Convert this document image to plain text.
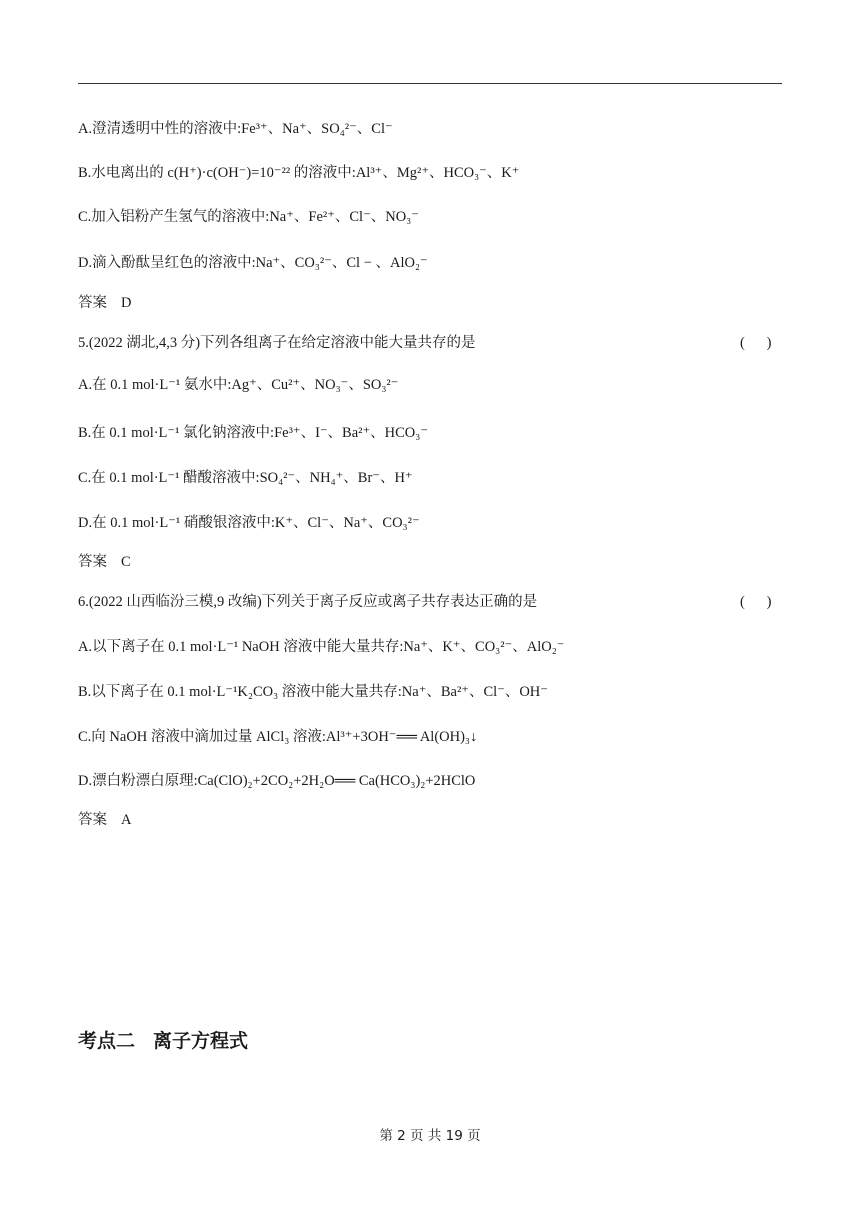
A.澄清透明中性的溶液中:Fe³⁺、Na⁺、SO₄²⁻、Cl⁻
B.水电离出的 c(H⁺)·c(OH⁻)=10⁻²² 的溶液中:Al³⁺、Mg²⁺、HCO₃⁻、K⁺
C.加入铝粉产生氢气的溶液中:Na⁺、Fe²⁺、Cl⁻、NO₃⁻
D.滴入酚酞呈红色的溶液中:Na⁺、CO₃²⁻、Cl − 、AlO₂⁻
答案 D
5.(2022 湖北,4,3 分)下列各组离子在给定溶液中能大量共存的是	(      )
A.在 0.1 mol·L⁻¹ 氨水中:Ag⁺、Cu²⁺、NO₃⁻、SO₃²⁻
B.在 0.1 mol·L⁻¹ 氯化钠溶液中:Fe³⁺、I⁻、Ba²⁺、HCO₃⁻
C.在 0.1 mol·L⁻¹ 醋酸溶液中:SO₄²⁻、NH₄⁺、Br⁻、H⁺
D.在 0.1 mol·L⁻¹ 硝酸银溶液中:K⁺、Cl⁻、Na⁺、CO₃²⁻
答案 C
6.(2022 山西临汾三模,9 改编)下列关于离子反应或离子共存表达正确的是	(      )
A.以下离子在 0.1 mol·L⁻¹ NaOH 溶液中能大量共存:Na⁺、K⁺、CO₃²⁻、AlO₂⁻
B.以下离子在 0.1 mol·L⁻¹K₂CO₃ 溶液中能大量共存:Na⁺、Ba²⁺、Cl⁻、OH⁻
C.向 NaOH 溶液中滴加过量 AlCl₃ 溶液:Al³⁺+3OH⁻══ Al(OH)₃↓
D.漂白粉漂白原理:Ca(ClO)₂+2CO₂+2H₂O══ Ca(HCO₃)₂+2HClO
答案 A
考点二 离子方程式
第 2 页 共 19 页
